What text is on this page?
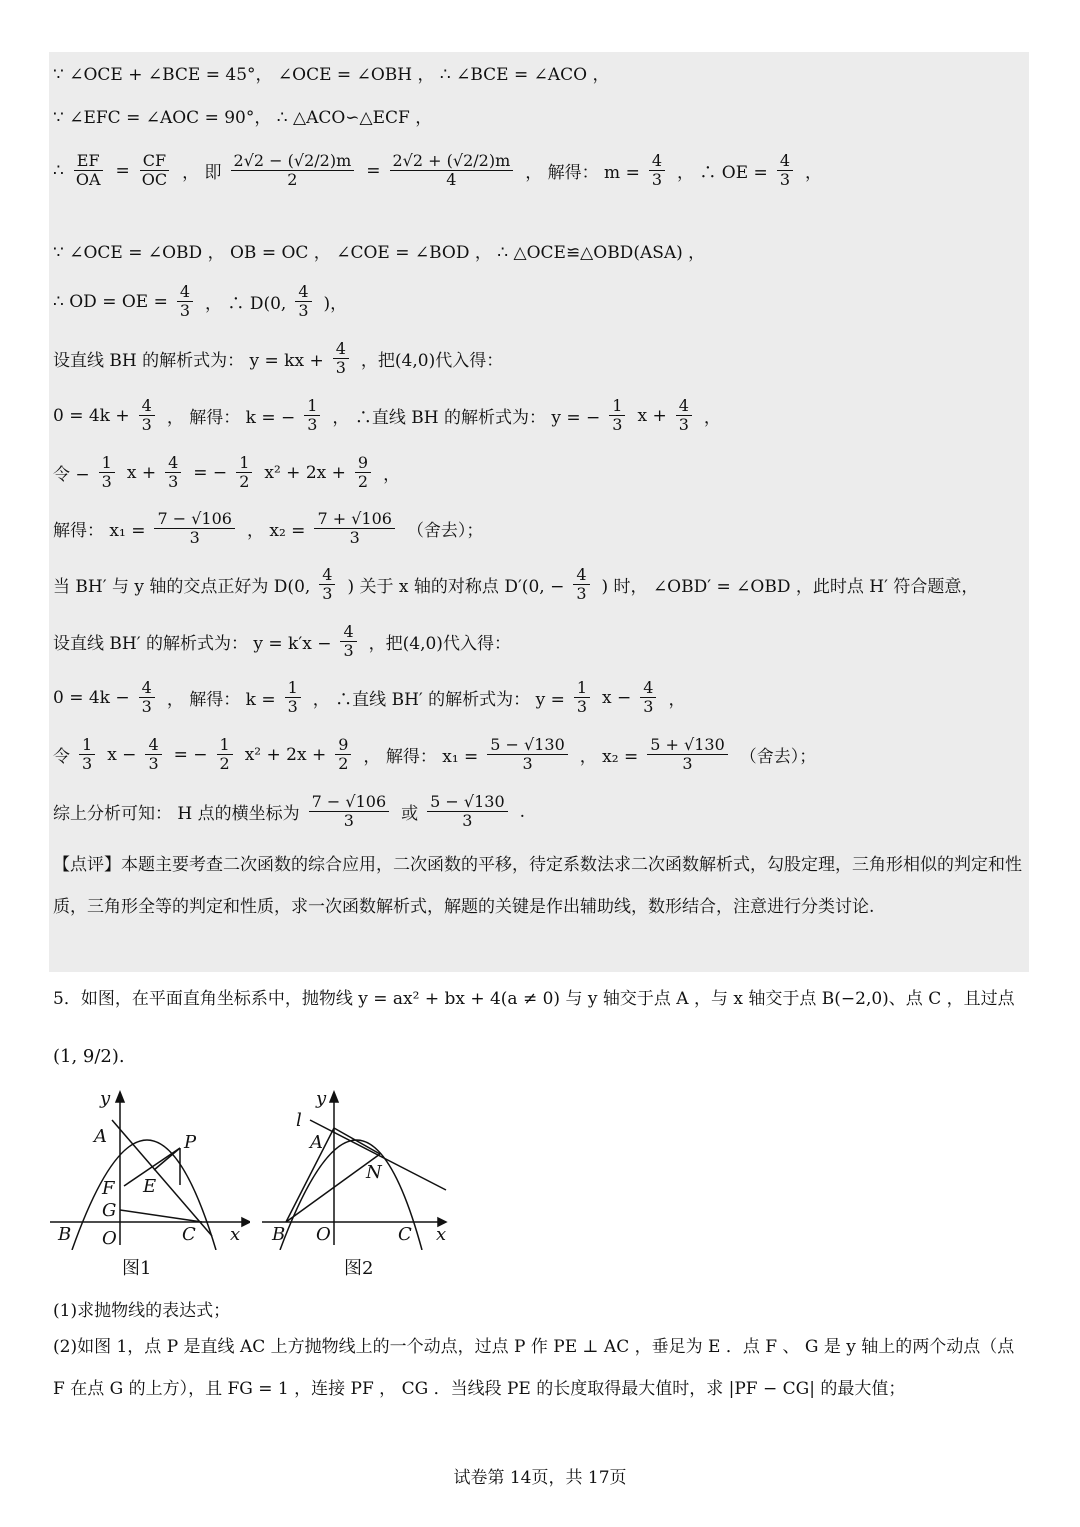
∵ ∠OCE + ∠BCE = 45°， ∠OCE = ∠OBH ， ∴ ∠BCE = ∠ACO ，
∵ ∠EFC = ∠AOC = 90°， ∴ △ACO∽△ECF ，
∴ $\frac{EF}{OA} = \frac{CF}{OC}$ ， 即 $\frac{2√2 - (√2/2)m}{2} = \frac{2√2 + (√2/2)m}{4}$ ， 解得： $m = \frac{4}{3}$ ， ∴ OE = $\frac{4}{3}$ ，
∵ ∠OCE = ∠OBD ， OB = OC ， ∠COE = ∠BOD ， ∴ △OCE≌△OBD(ASA) ，
∴ OD = OE = $\frac{4}{3}$ ， ∴ D(0, $\frac{4}{3}$ )，
设直线 BH 的解析式为： y = kx + $\frac{4}{3}$ ，把(4,0)代入得：
$0 = 4k + \frac{4}{3}$ ， 解得： k = − $\frac{1}{3}$ ， ∴直线 BH 的解析式为： y = − $\frac{1}{3}$ $x + \frac{4}{3}$ ，
令 − $\frac{1}{3}$ $x + \frac{4}{3}$ = − $\frac{1}{2} x^2 + 2x + \frac{9}{2}$ ，
解得： $x_1 = \frac{7 - √106}{3}$ ， $x_2 = \frac{7 + √106}{3}$ （舍去）；
当 BH′ 与 y 轴的交点正好为 D(0, $\frac{4}{3}$ ) 关于 x 轴的对称点 D′(0, − $\frac{4}{3}$ ) 时， ∠OBD′ = ∠OBD ，此时点 H′ 符合题意，
设直线 BH′ 的解析式为： $y = k'x - \frac{4}{3}$ ，把(4,0)代入得：
$0 = 4k - \frac{4}{3}$ ， 解得： $k = \frac{1}{3}$ ， ∴直线 BH′ 的解析式为： $y = \frac{1}{3}$ $x - \frac{4}{3}$ ，
令 $\frac{1}{3}$ $x - \frac{4}{3}$ = − $\frac{1}{2} x^2 + 2x + \frac{9}{2}$ ， 解得： $x_1 = \frac{5 - √130}{3}$ ， $x_2 = \frac{5 + √130}{3}$ （舍去）；
综上分析可知： H 点的横坐标为 $\frac{7 - √106}{3}$ 或 $\frac{5 - √130}{3}$ .
【点评】本题主要考查二次函数的综合应用，二次函数的平移，待定系数法求二次函数解析式，勾股定理，三角形相似的判定和性质，三角形全等的判定和性质，求一次函数解析式，解题的关键是作出辅助线，数形结合，注意进行分类讨论.
5．如图，在平面直角坐标系中，抛物线 y = ax² + bx + 4(a ≠ 0) 与 y 轴交于点 A ，与 x 轴交于点 B(−2,0)、点 C ，且过点
(1, 9/2).
y
A	P
E
F
G
B O	C x
图1
y
l
A
N
B O	C x
图2
(1)求抛物线的表达式；
(2)如图 1，点 P 是直线 AC 上方抛物线上的一个动点，过点 P 作 PE ⊥ AC ，垂足为 E ．点 F 、 G 是 y 轴上的两个动点（点 F 在点 G 的上方），且 FG = 1 ，连接 PF ， CG ．当线段 PE 的长度取得最大值时，求 |PF − CG| 的最大值；
试卷第 14页，共 17页
